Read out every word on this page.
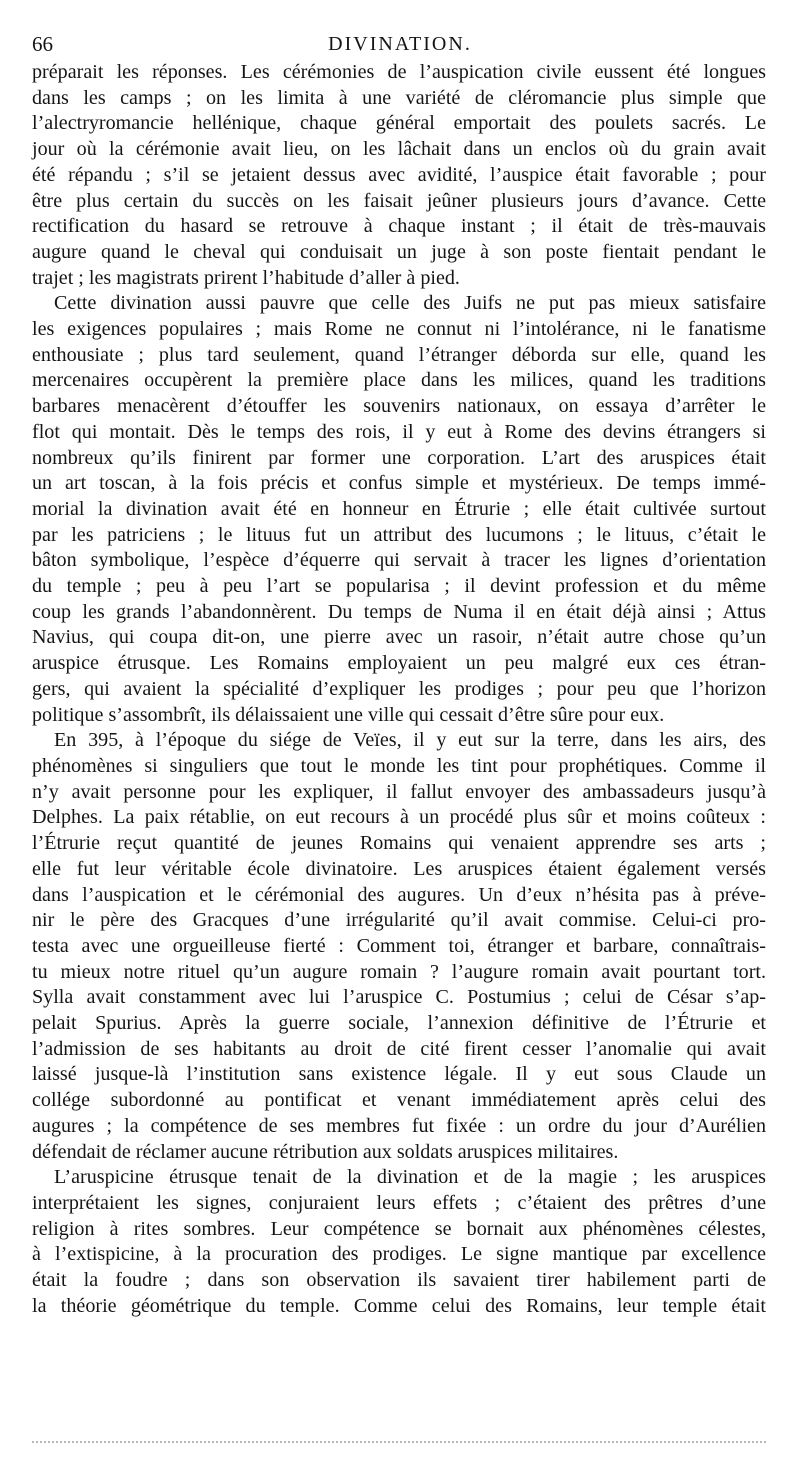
66	DIVINATION.

préparait les réponses. Les cérémonies de l’auspication civile eussent été longues
dans les camps ; on les limita à une variété de cléromancie plus simple que
l’alectryromancie hellénique, chaque général emportait des poulets sacrés. Le
jour où la cérémonie avait lieu, on les lâchait dans un enclos où du grain avait
été répandu ; s’il se jetaient dessus avec avidité, l’auspice était favorable ; pour
être plus certain du succès on les faisait jeûner plusieurs jours d’avance. Cette
rectification du hasard se retrouve à chaque instant ; il était de très-mauvais
augure quand le cheval qui conduisait un juge à son poste fientait pendant le
trajet ; les magistrats prirent l’habitude d’aller à pied.

Cette divination aussi pauvre que celle des Juifs ne put pas mieux satisfaire
les exigences populaires ; mais Rome ne connut ni l’intolérance, ni le fanatisme
enthousiate ; plus tard seulement, quand l’étranger déborda sur elle, quand les
mercenaires occupèrent la première place dans les milices, quand les traditions
barbares menacèrent d’étouffer les souvenirs nationaux, on essaya d’arrêter le
flot qui montait. Dès le temps des rois, il y eut à Rome des devins étrangers si
nombreux qu’ils finirent par former une corporation. L’art des aruspices était
un art toscan, à la fois précis et confus simple et mystérieux. De temps immé-
morial la divination avait été en honneur en Étrurie ; elle était cultivée surtout
par les patriciens ; le lituus fut un attribut des lucumons ; le lituus, c’était le
bâton symbolique, l’espèce d’équerre qui servait à tracer les lignes d’orientation
du temple ; peu à peu l’art se popularisa ; il devint profession et du même
coup les grands l’abandonnèrent. Du temps de Numa il en était déjà ainsi ; Attus
Navius, qui coupa dit-on, une pierre avec un rasoir, n’était autre chose qu’un
aruspice étrusque. Les Romains employaient un peu malgré eux ces étran-
gers, qui avaient la spécialité d’expliquer les prodiges ; pour peu que l’horizon
politique s’assombrît, ils délaissaient une ville qui cessait d’être sûre pour eux.

En 395, à l’époque du siége de Veïes, il y eut sur la terre, dans les airs, des
phénomènes si singuliers que tout le monde les tint pour prophétiques. Comme il
n’y avait personne pour les expliquer, il fallut envoyer des ambassadeurs jusqu’à
Delphes. La paix rétablie, on eut recours à un procédé plus sûr et moins coûteux :
l’Étrurie reçut quantité de jeunes Romains qui venaient apprendre ses arts ;
elle fut leur véritable école divinatoire. Les aruspices étaient également versés
dans l’auspication et le cérémonial des augures. Un d’eux n’hésita pas à préve-
nir le père des Gracques d’une irrégularité qu’il avait commise. Celui-ci pro-
testa avec une orgueilleuse fierté : Comment toi, étranger et barbare, connaîtrais-
tu mieux notre rituel qu’un augure romain ? l’augure romain avait pourtant tort.
Sylla avait constamment avec lui l’aruspice C. Postumius ; celui de César s’ap-
pelait Spurius. Après la guerre sociale, l’annexion définitive de l’Étrurie et
l’admission de ses habitants au droit de cité firent cesser l’anomalie qui avait
laissé jusque-là l’institution sans existence légale. Il y eut sous Claude un
collége subordonné au pontificat et venant immédiatement après celui des
augures ; la compétence de ses membres fut fixée : un ordre du jour d’Aurélien
défendait de réclamer aucune rétribution aux soldats aruspices militaires.

L’aruspicine étrusque tenait de la divination et de la magie ; les aruspices
interprétaient les signes, conjuraient leurs effets ; c’étaient des prêtres d’une
religion à rites sombres. Leur compétence se bornait aux phénomènes célestes,
à l’extispicine, à la procuration des prodiges. Le signe mantique par excellence
était la foudre ; dans son observation ils savaient tirer habilement parti de
la théorie géométrique du temple. Comme celui des Romains, leur temple était
